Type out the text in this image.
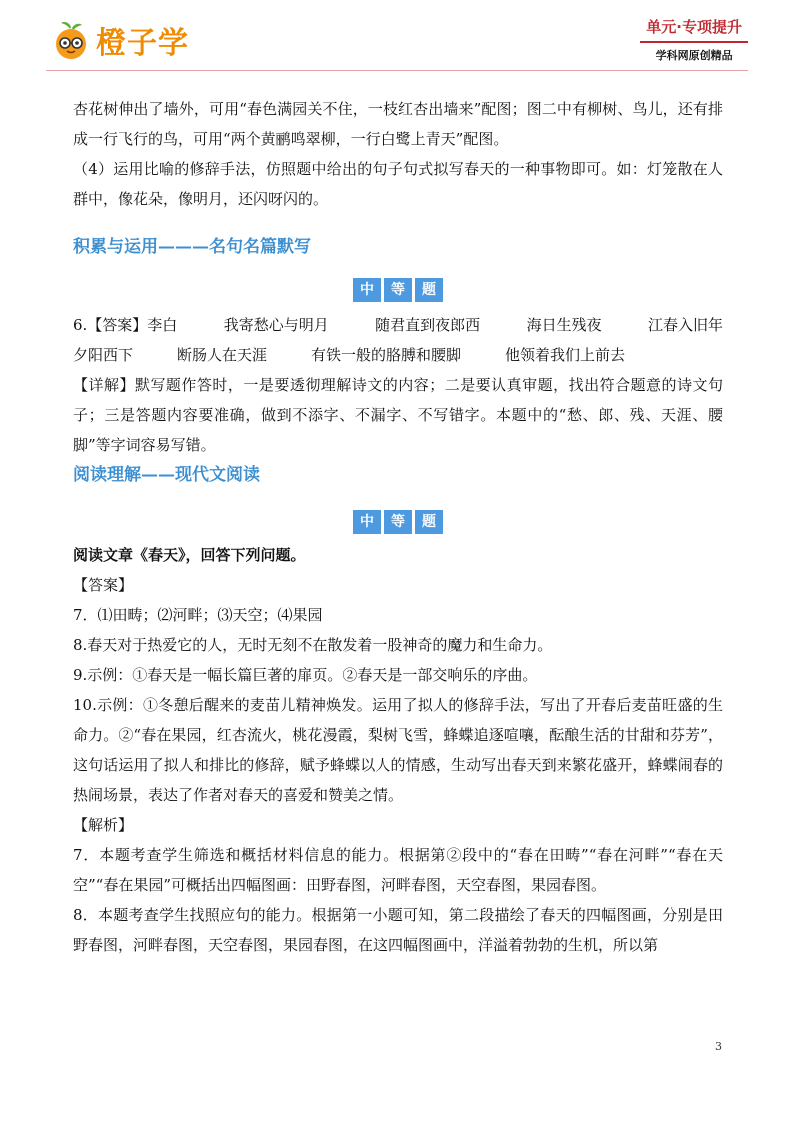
橙子学	单元·专项提升
学科网原创精品

杏花树伸出了墙外，可用“春色满园关不住，一枝红杏出墙来”配图；图二中有柳树、鸟儿，还有排成一行飞行的鸟，可用“两个黄鹂鸣翠柳，一行白鹭上青天”配图。

（4）运用比喻的修辞手法，仿照题中给出的句子句式拟写春天的一种事物即可。如：灯笼散在人群中，像花朵，像明月，还闪呀闪的。

积累与运用———名句名篇默写
中	等	题
6.【答案】李白	我寄愁心与明月	随君直到夜郎西	海日生残夜	江春入旧年
夕阳西下	断肠人在天涯	有铁一般的胳膊和腰脚	他领着我们上前去

【详解】默写题作答时，一是要透彻理解诗文的内容；二是要认真审题，找出符合题意的诗文句子；三是答题内容要准确，做到不添字、不漏字、不写错字。本题中的“愁、郎、残、天涯、腰脚”等字词容易写错。

阅读理解——现代文阅读
中	等	题

阅读文章《春天》，回答下列问题。

【答案】

7．⑴田畴；⑵河畔；⑶天空；⑷果园

8.春天对于热爱它的人，无时无刻不在散发着一股神奇的魔力和生命力。

9.示例：①春天是一幅长篇巨著的扉页。②春天是一部交响乐的序曲。

10.示例：①冬憩后醒来的麦苗儿精神焕发。运用了拟人的修辞手法，写出了开春后麦苗旺盛的生命力。②“春在果园，红杏流火，桃花漫霞，梨树飞雪，蜂蝶追逐喧嚷，酝酿生活的甘甜和芬芳”，这句话运用了拟人和排比的修辞，赋予蜂蝶以人的情感，生动写出春天到来繁花盛开，蜂蝶闹春的热闹场景，表达了作者对春天的喜爱和赞美之情。

【解析】

7．本题考查学生筛选和概括材料信息的能力。根据第②段中的“春在田畴”“春在河畔”“春在天空”“春在果园”可概括出四幅图画：田野春图，河畔春图，天空春图，果园春图。

8．本题考查学生找照应句的能力。根据第一小题可知，第二段描绘了春天的四幅图画，分别是田野春图，河畔春图，天空春图，果园春图，在这四幅图画中，洋溢着勃勃的生机，所以第

3
